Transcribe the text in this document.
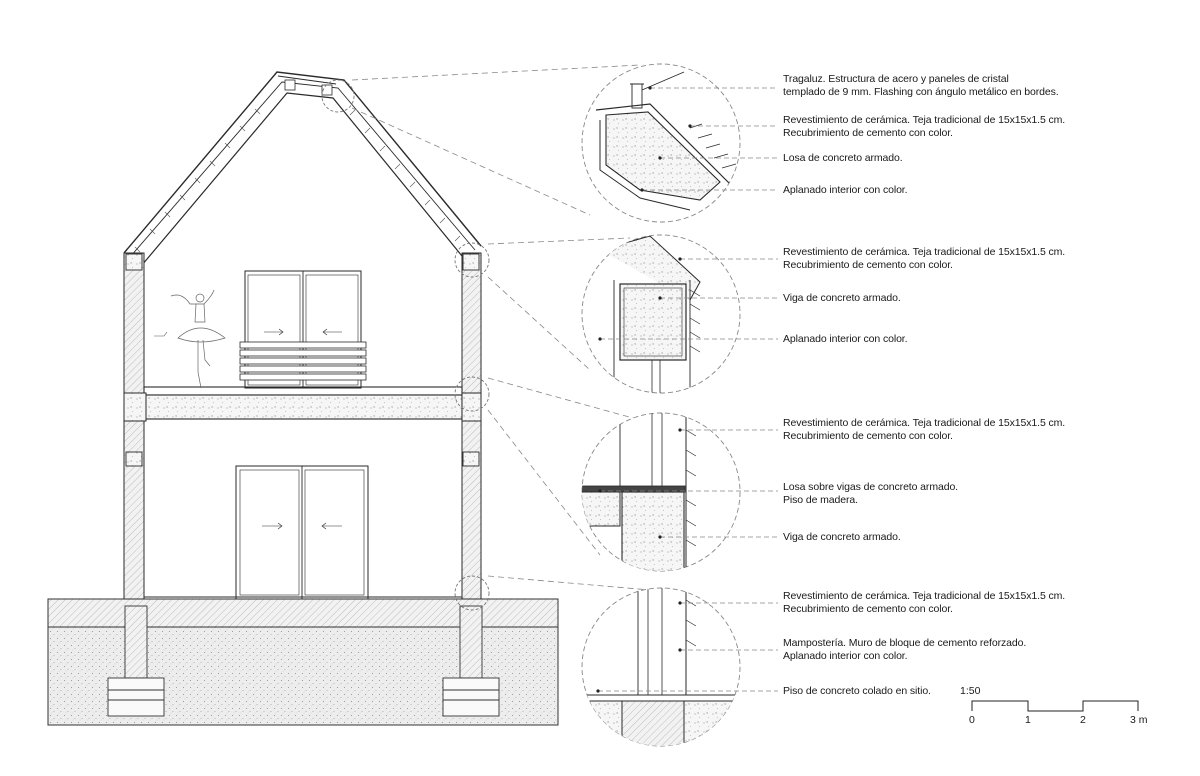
Tragaluz. Estructura de acero y paneles de cristal
templado de 9 mm. Flashing con ángulo metálico en bordes.
Revestimiento de cerámica. Teja tradicional de 15x15x1.5 cm.
Recubrimiento de cemento con color.
Losa de concreto armado.
Aplanado interior con color.
Revestimiento de cerámica. Teja tradicional de 15x15x1.5 cm.
Recubrimiento de cemento con color.
Viga de concreto armado.
Aplanado interior con color.
Revestimiento de cerámica. Teja tradicional de 15x15x1.5 cm.
Recubrimiento de cemento con color.
Losa sobre vigas de concreto armado.
Piso de madera.
Viga de concreto armado.
Revestimiento de cerámica. Teja tradicional de 15x15x1.5 cm.
Recubrimiento de cemento con color.
Mampostería. Muro de bloque de cemento reforzado.
Aplanado interior con color.
Piso de concreto colado en sitio.	1:50
0	1	2	3 m
